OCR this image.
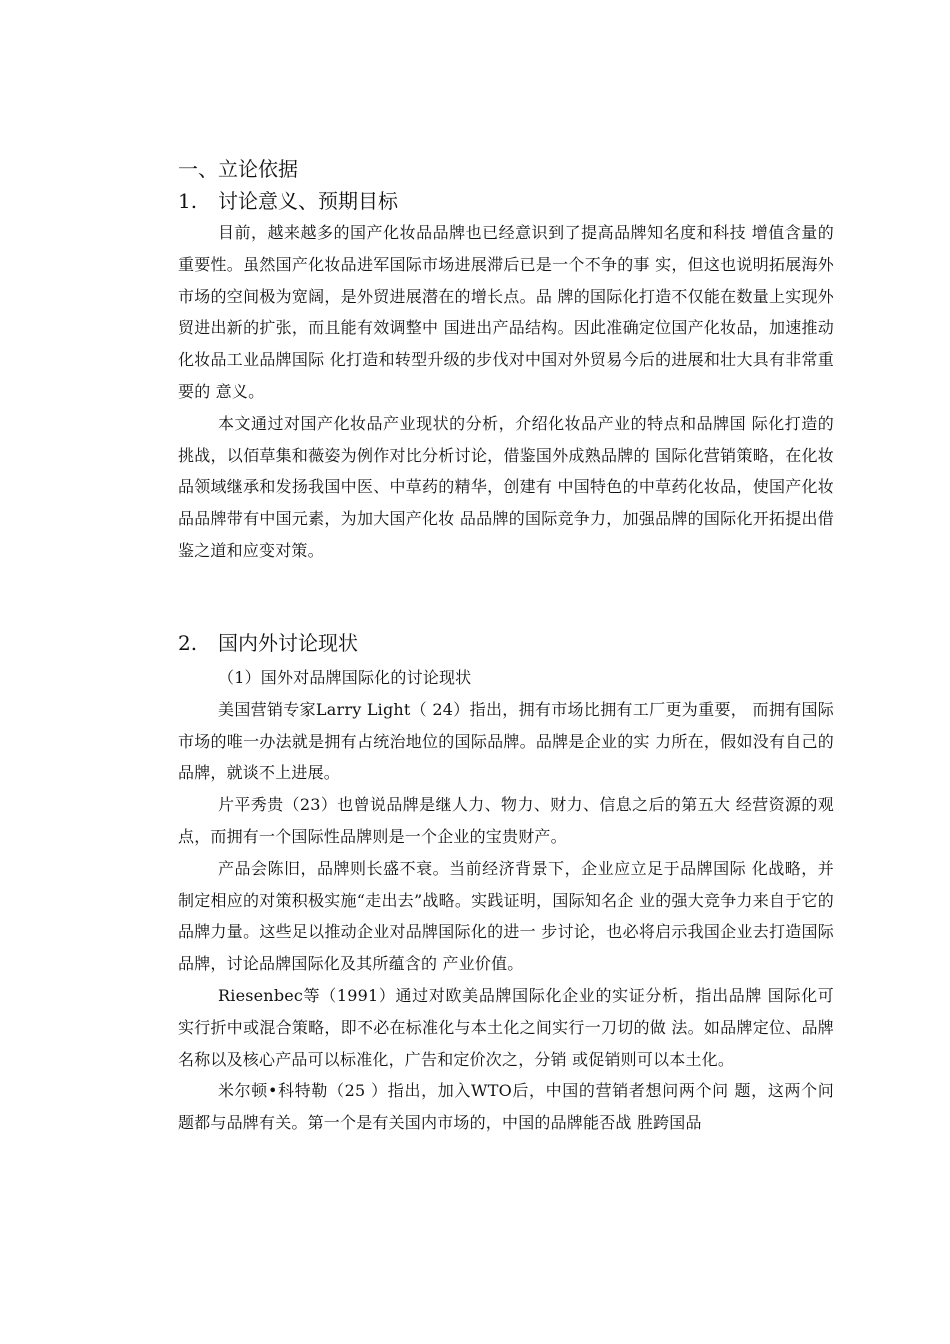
一、立论依据
1. 讨论意义、预期目标

目前，越来越多的国产化妆品品牌也已经意识到了提高品牌知名度和科技 增值含量的重要性。虽然国产化妆品进军国际市场进展滞后已是一个不争的事 实，但这也说明拓展海外市场的空间极为宽阔，是外贸进展潜在的增长点。品 牌的国际化打造不仅能在数量上实现外贸进出新的扩张，而且能有效调整中 国进出产品结构。因此准确定位国产化妆品，加速推动化妆品工业品牌国际 化打造和转型升级的步伐对中国对外贸易今后的进展和壮大具有非常重要的 意义。

本文通过对国产化妆品产业现状的分析，介绍化妆品产业的特点和品牌国 际化打造的挑战，以佰草集和薇姿为例作对比分析讨论，借鉴国外成熟品牌的 国际化营销策略，在化妆品领域继承和发扬我国中医、中草药的精华，创建有 中国特色的中草药化妆品，使国产化妆品品牌带有中国元素，为加大国产化妆 品品牌的国际竞争力，加强品牌的国际化开拓提出借鉴之道和应变对策。

2. 国内外讨论现状

（1）国外对品牌国际化的讨论现状

美国营销专家Larry Light（ 24）指出，拥有市场比拥有工厂更为重要， 而拥有国际市场的唯一办法就是拥有占统治地位的国际品牌。品牌是企业的实 力所在，假如没有自己的品牌，就谈不上进展。

片平秀贵（23）也曾说品牌是继人力、物力、财力、信息之后的第五大 经营资源的观点，而拥有一个国际性品牌则是一个企业的宝贵财产。

产品会陈旧，品牌则长盛不衰。当前经济背景下，企业应立足于品牌国际 化战略，并制定相应的对策积极实施“走出去”战略。实践证明，国际知名企 业的强大竞争力来自于它的品牌力量。这些足以推动企业对品牌国际化的进一 步讨论，也必将启示我国企业去打造国际品牌，讨论品牌国际化及其所蕴含的 产业价值。

Riesenbec等（1991）通过对欧美品牌国际化企业的实证分析，指出品牌 国际化可实行折中或混合策略，即不必在标准化与本土化之间实行一刀切的做 法。如品牌定位、品牌名称以及核心产品可以标准化，广告和定价次之，分销 或促销则可以本土化。

米尔顿•科特勒（25 ）指出，加入WTO后，中国的营销者想问两个问 题，这两个问题都与品牌有关。第一个是有关国内市场的，中国的品牌能否战 胜跨国品
